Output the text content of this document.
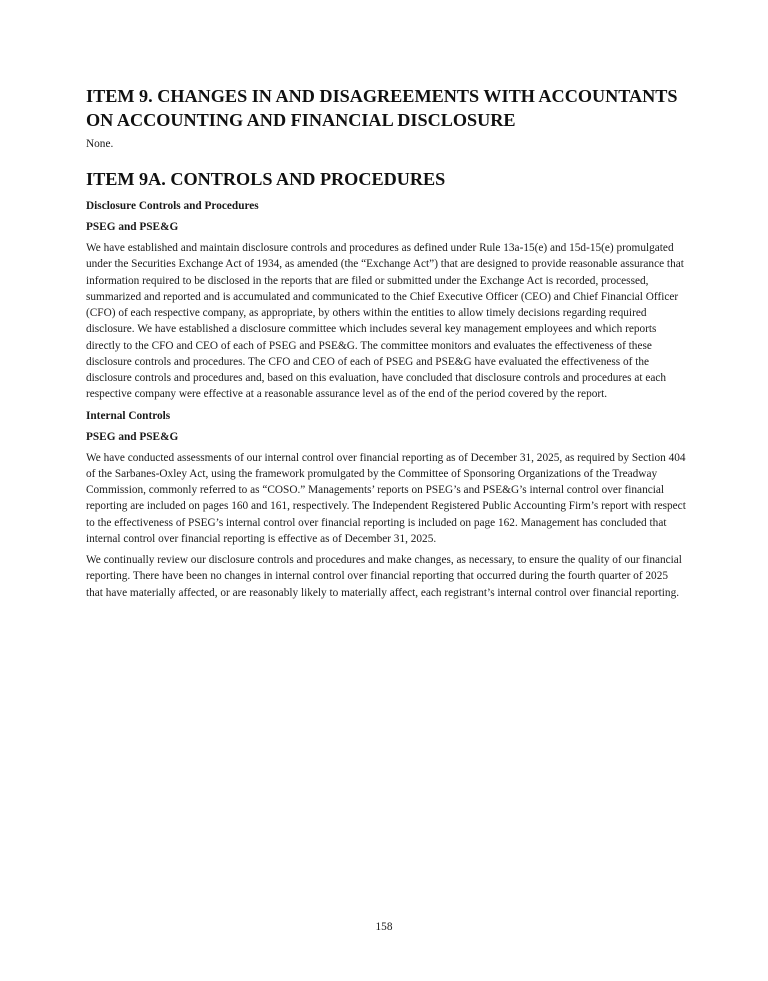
ITEM 9. CHANGES IN AND DISAGREEMENTS WITH ACCOUNTANTS ON ACCOUNTING AND FINANCIAL DISCLOSURE

None.

ITEM 9A. CONTROLS AND PROCEDURES

Disclosure Controls and Procedures

PSEG and PSE&G

We have established and maintain disclosure controls and procedures as defined under Rule 13a-15(e) and 15d-15(e) promulgated under the Securities Exchange Act of 1934, as amended (the “Exchange Act”) that are designed to provide reasonable assurance that information required to be disclosed in the reports that are filed or submitted under the Exchange Act is recorded, processed, summarized and reported and is accumulated and communicated to the Chief Executive Officer (CEO) and Chief Financial Officer (CFO) of each respective company, as appropriate, by others within the entities to allow timely decisions regarding required disclosure. We have established a disclosure committee which includes several key management employees and which reports directly to the CFO and CEO of each of PSEG and PSE&G. The committee monitors and evaluates the effectiveness of these disclosure controls and procedures. The CFO and CEO of each of PSEG and PSE&G have evaluated the effectiveness of the disclosure controls and procedures and, based on this evaluation, have concluded that disclosure controls and procedures at each respective company were effective at a reasonable assurance level as of the end of the period covered by the report.

Internal Controls

PSEG and PSE&G

We have conducted assessments of our internal control over financial reporting as of December 31, 2025, as required by Section 404 of the Sarbanes-Oxley Act, using the framework promulgated by the Committee of Sponsoring Organizations of the Treadway Commission, commonly referred to as “COSO.” Managements’ reports on PSEG’s and PSE&G’s internal control over financial reporting are included on pages 160 and 161, respectively. The Independent Registered Public Accounting Firm’s report with respect to the effectiveness of PSEG’s internal control over financial reporting is included on page 162. Management has concluded that internal control over financial reporting is effective as of December 31, 2025.

We continually review our disclosure controls and procedures and make changes, as necessary, to ensure the quality of our financial reporting. There have been no changes in internal control over financial reporting that occurred during the fourth quarter of 2025 that have materially affected, or are reasonably likely to materially affect, each registrant’s internal control over financial reporting.

158
